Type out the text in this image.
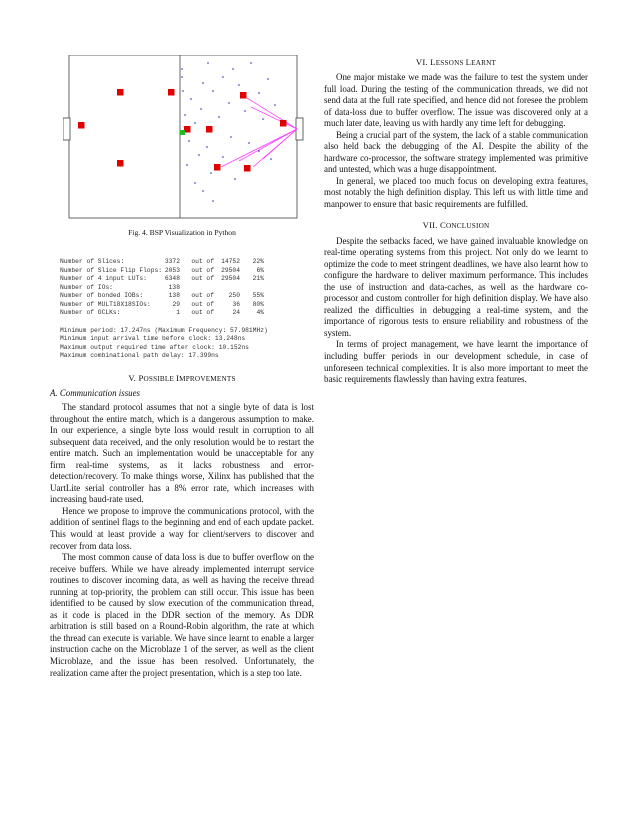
Fig. 4. BSP Visualization in Python
Number of Slices:	3372	out of	14752	22%
Number of Slice Flip Flops: 2053	out of	29504	6%
Number of 4 input LUTs:	6348	out of	29504	21%
Number of IOs:	138
Number of bonded IOBs:	138	out of	250	55%
Number of MULT18X18SIOs:	29	out of	36	80%
Number of GCLKs:	1	out of	24	4%
Minimum period: 17.247ns (Maximum Frequency: 57.981MHz)
Minimum input arrival time before clock: 13.248ns
Maximum output required time after clock: 10.152ns
Maximum combinational path delay: 17.399ns
V. POSSIBLE IMPROVEMENTS
A. Communication issues

The standard protocol assumes that not a single byte of data is lost throughout the entire match, which is a dangerous assumption to make. In our experience, a single byte loss would result in corruption to all subsequent data received, and the only resolution would be to restart the entire match. Such an implementation would be unacceptable for any firm real-time systems, as it lacks robustness and error-detection/recovery. To make things worse, Xilinx has published that the UartLite serial controller has a 8% error rate, which increases with increasing baud-rate used.

Hence we propose to improve the communications protocol, with the addition of sentinel flags to the beginning and end of each update packet. This would at least provide a way for client/servers to discover and recover from data loss.

The most common cause of data loss is due to buffer overflow on the receive buffers. While we have already implemented interrupt service routines to discover incoming data, as well as having the receive thread running at top-priority, the problem can still occur. This issue has been identified to be caused by slow execution of the communication thread, as it code is placed in the DDR section of the memory. As DDR arbitration is still based on a Round-Robin algorithm, the rate at which the thread can execute is variable. We have since learnt to enable a larger instruction cache on the Microblaze 1 of the server, as well as the client Microblaze, and the issue has been resolved. Unfortunately, the realization came after the project presentation, which is a step too late.

VI. LESSONS LEARNT

One major mistake we made was the failure to test the system under full load. During the testing of the communication threads, we did not send data at the full rate specified, and hence did not foresee the problem of data-loss due to buffer overflow. The issue was discovered only at a much later date, leaving us with hardly any time left for debugging.

Being a crucial part of the system, the lack of a stable communication also held back the debugging of the AI. Despite the ability of the hardware co-processor, the software strategy implemented was primitive and untested, which was a huge disappointment.

In general, we placed too much focus on developing extra features, most notably the high definition display. This left us with little time and manpower to ensure that basic requirements are fulfilled.

VII. CONCLUSION

Despite the setbacks faced, we have gained invaluable knowledge on real-time operating systems from this project. Not only do we learnt to optimize the code to meet stringent deadlines, we have also learnt how to configure the hardware to deliver maximum performance. This includes the use of instruction and data-caches, as well as the hardware co-processor and custom controller for high definition display. We have also realized the difficulties in debugging a real-time system, and the importance of rigorous tests to ensure reliability and robustness of the system.

In terms of project management, we have learnt the importance of including buffer periods in our development schedule, in case of unforeseen technical complexities. It is also more important to meet the basic requirements flawlessly than having extra features.
